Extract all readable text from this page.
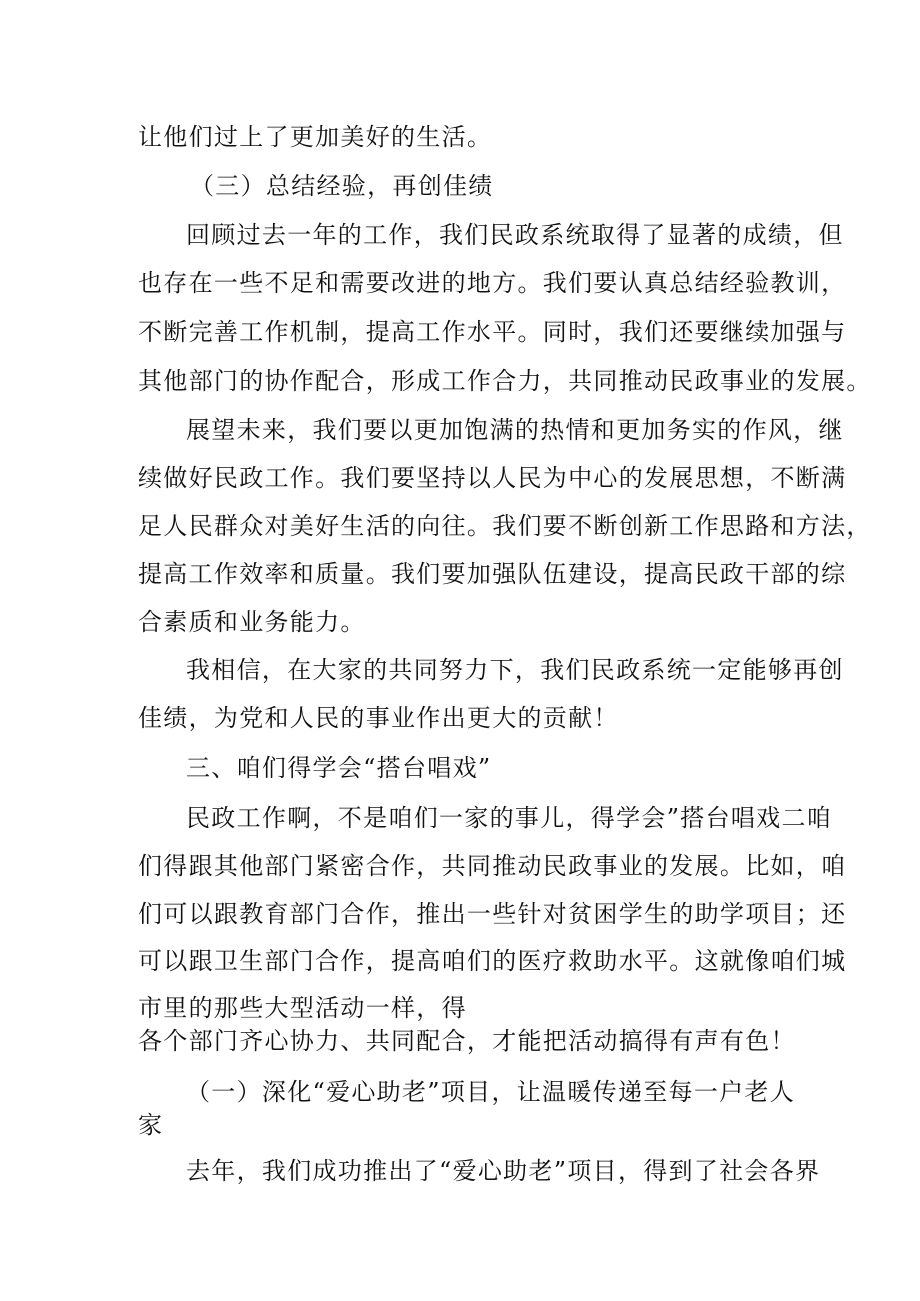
让他们过上了更加美好的生活。
（三）总结经验，再创佳绩
回顾过去一年的工作，我们民政系统取得了显著的成绩，但
也存在一些不足和需要改进的地方。我们要认真总结经验教训，
不断完善工作机制，提高工作水平。同时，我们还要继续加强与
其他部门的协作配合，形成工作合力，共同推动民政事业的发展。
展望未来，我们要以更加饱满的热情和更加务实的作风，继
续做好民政工作。我们要坚持以人民为中心的发展思想，不断满
足人民群众对美好生活的向往。我们要不断创新工作思路和方法，
提高工作效率和质量。我们要加强队伍建设，提高民政干部的综
合素质和业务能力。
我相信，在大家的共同努力下，我们民政系统一定能够再创
佳绩，为党和人民的事业作出更大的贡献！
三、咱们得学会“搭台唱戏”
民政工作啊，不是咱们一家的事儿，得学会”搭台唱戏二咱
们得跟其他部门紧密合作，共同推动民政事业的发展。比如，咱
们可以跟教育部门合作，推出一些针对贫困学生的助学项目；还
可以跟卫生部门合作，提高咱们的医疗救助水平。这就像咱们城
市里的那些大型活动一样，得
各个部门齐心协力、共同配合，才能把活动搞得有声有色！
（一）深化“爱心助老”项目，让温暖传递至每一户老人
家
去年，我们成功推出了“爱心助老”项目，得到了社会各界
